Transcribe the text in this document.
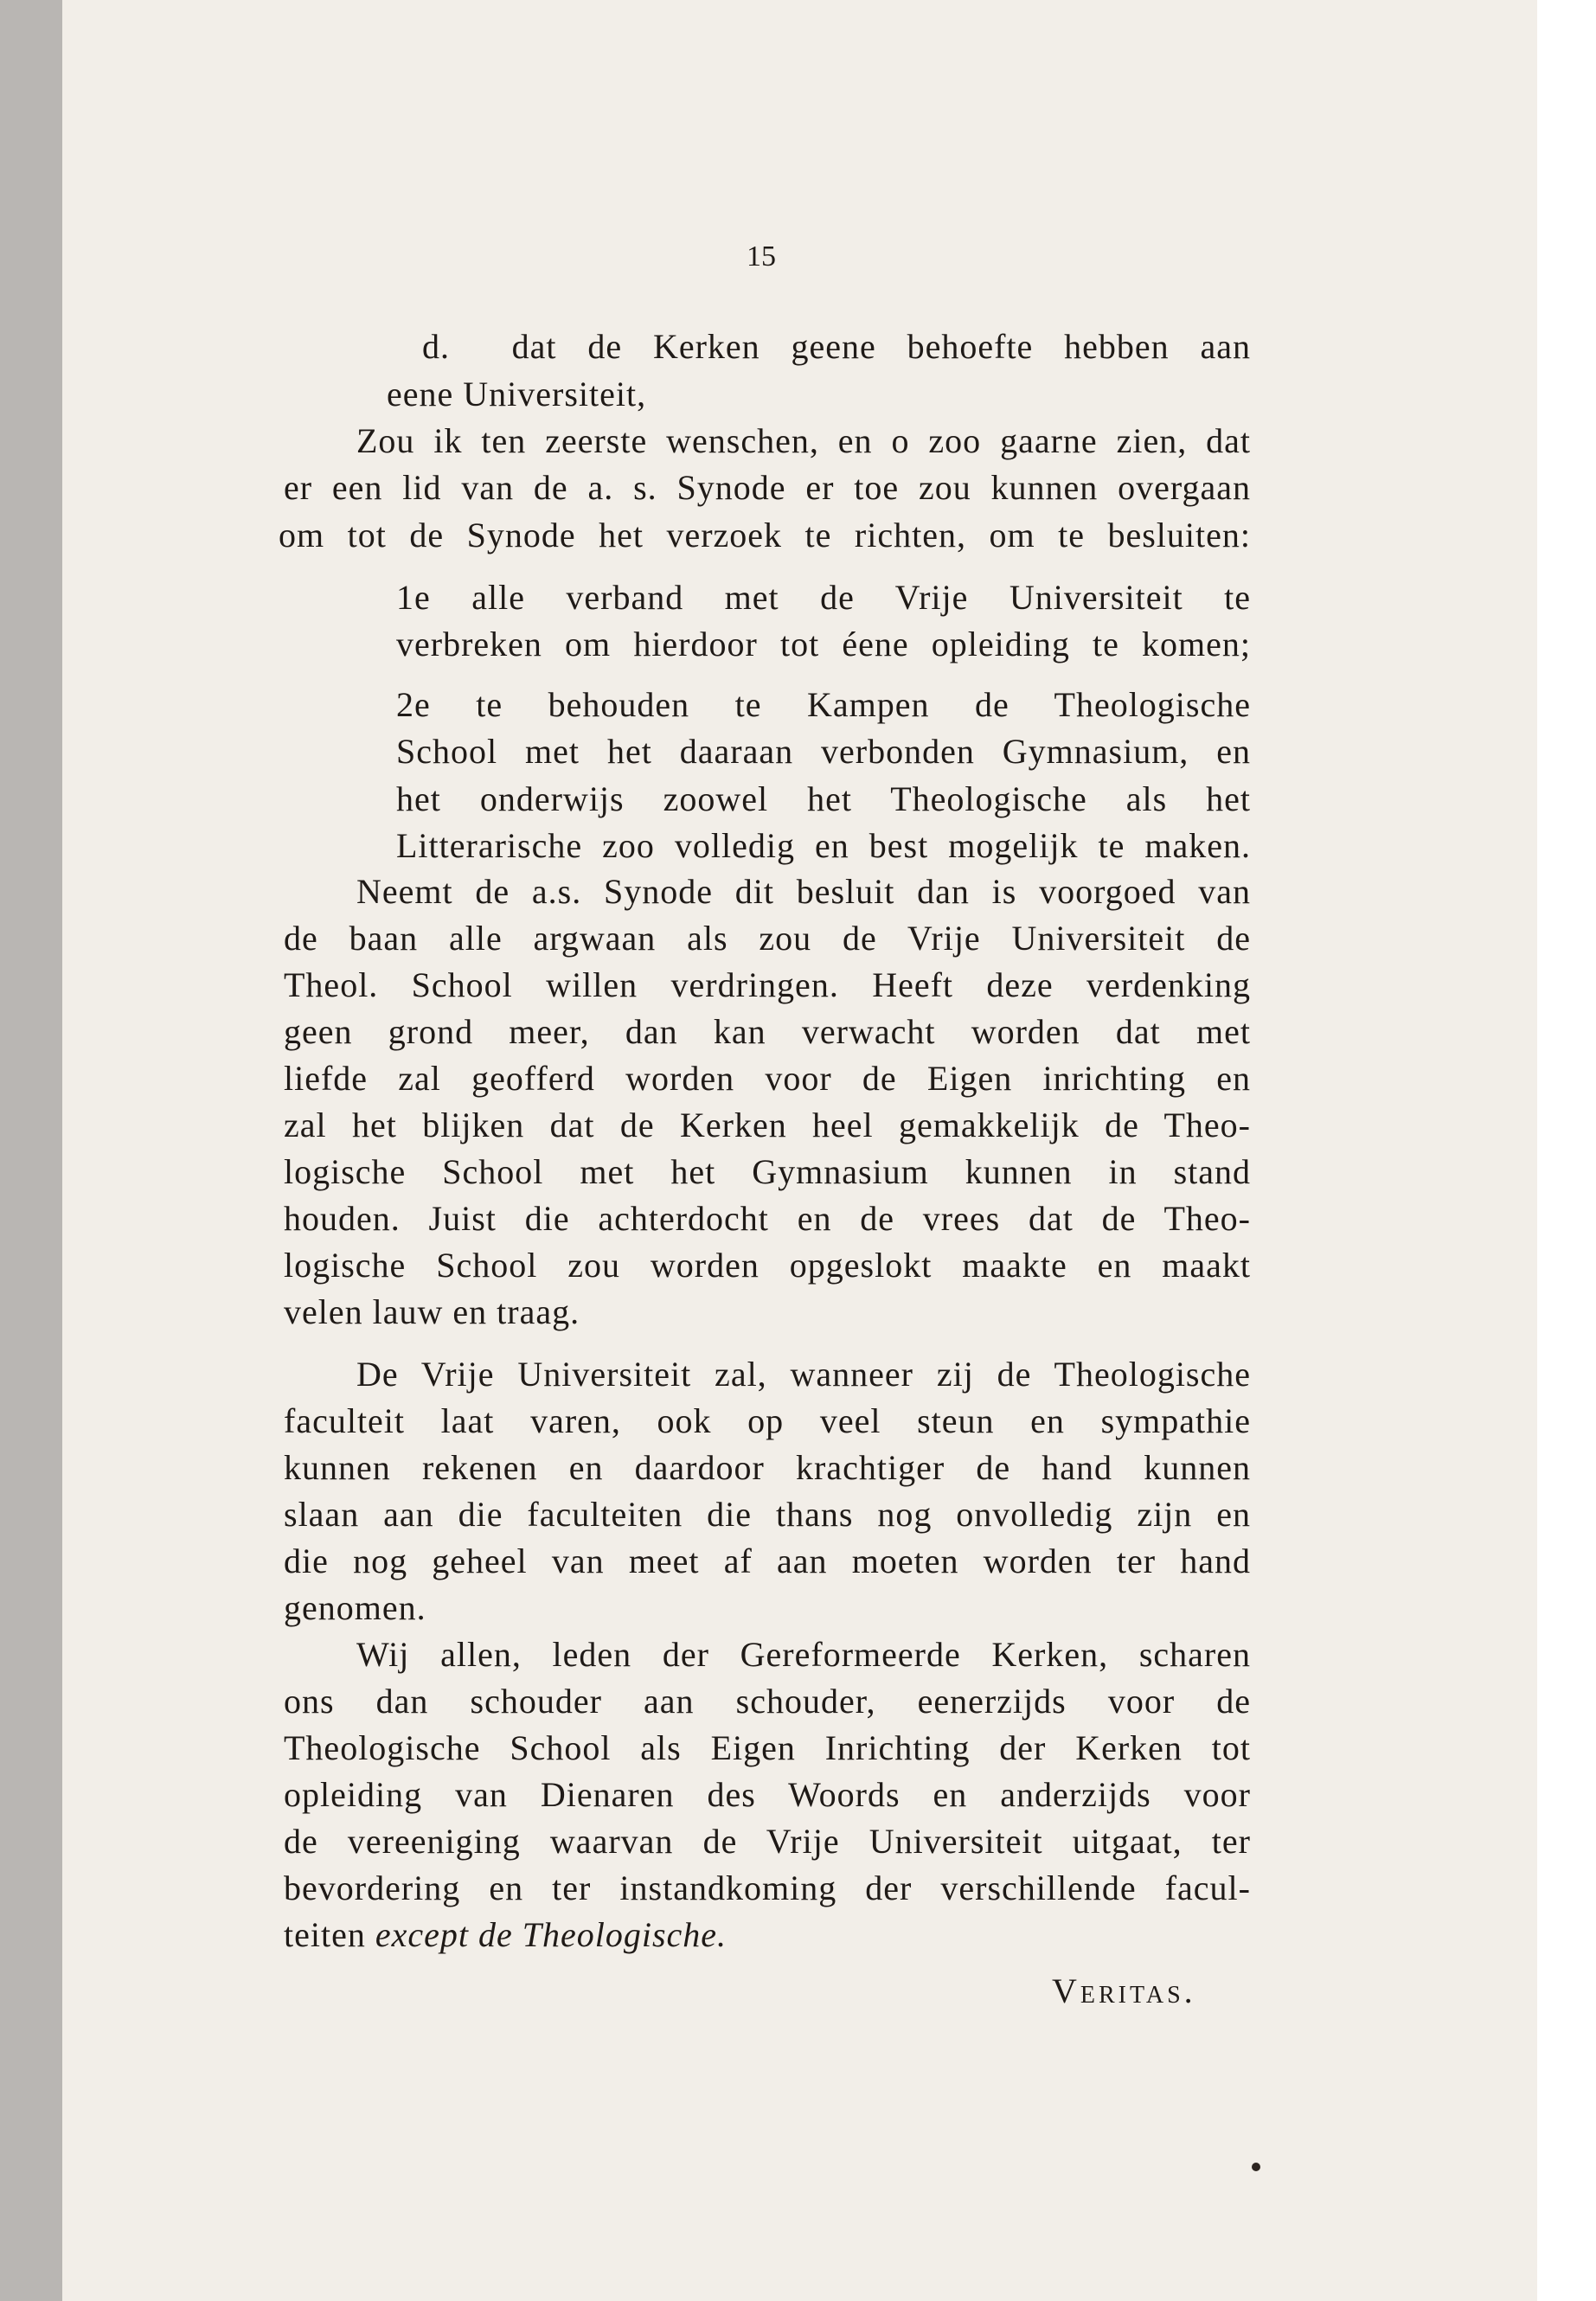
15
d.  dat de Kerken geene behoefte hebben aan
eene Universiteit,
Zou ik ten zeerste wenschen, en o zoo gaarne zien, dat
er een lid van de a. s. Synode er toe zou kunnen overgaan
om tot de Synode het verzoek te richten, om te besluiten:
1e alle verband met de Vrije Universiteit te
verbreken om hierdoor tot éene opleiding te komen;
2e te behouden te Kampen de Theologische
School met het daaraan verbonden Gymnasium, en
het onderwijs zoowel het Theologische als het
Litterarische zoo volledig en best mogelijk te maken.
Neemt de a.s. Synode dit besluit dan is voorgoed van
de baan alle argwaan als zou de Vrije Universiteit de
Theol. School willen verdringen. Heeft deze verdenking
geen grond meer, dan kan verwacht worden dat met
liefde zal geofferd worden voor de Eigen inrichting en
zal het blijken dat de Kerken heel gemakkelijk de Theo-
logische School met het Gymnasium kunnen in stand
houden. Juist die achterdocht en de vrees dat de Theo-
logische School zou worden opgeslokt maakte en maakt
velen lauw en traag.
De Vrije Universiteit zal, wanneer zij de Theologische
faculteit laat varen, ook op veel steun en sympathie
kunnen rekenen en daardoor krachtiger de hand kunnen
slaan aan die faculteiten die thans nog onvolledig zijn en
die nog geheel van meet af aan moeten worden ter hand
genomen.
Wij allen, leden der Gereformeerde Kerken, scharen
ons dan schouder aan schouder, eenerzijds voor de
Theologische School als Eigen Inrichting der Kerken tot
opleiding van Dienaren des Woords en anderzijds voor
de vereeniging waarvan de Vrije Universiteit uitgaat, ter
bevordering en ter instandkoming der verschillende facul-
teiten except de Theologische.
Veritas.
